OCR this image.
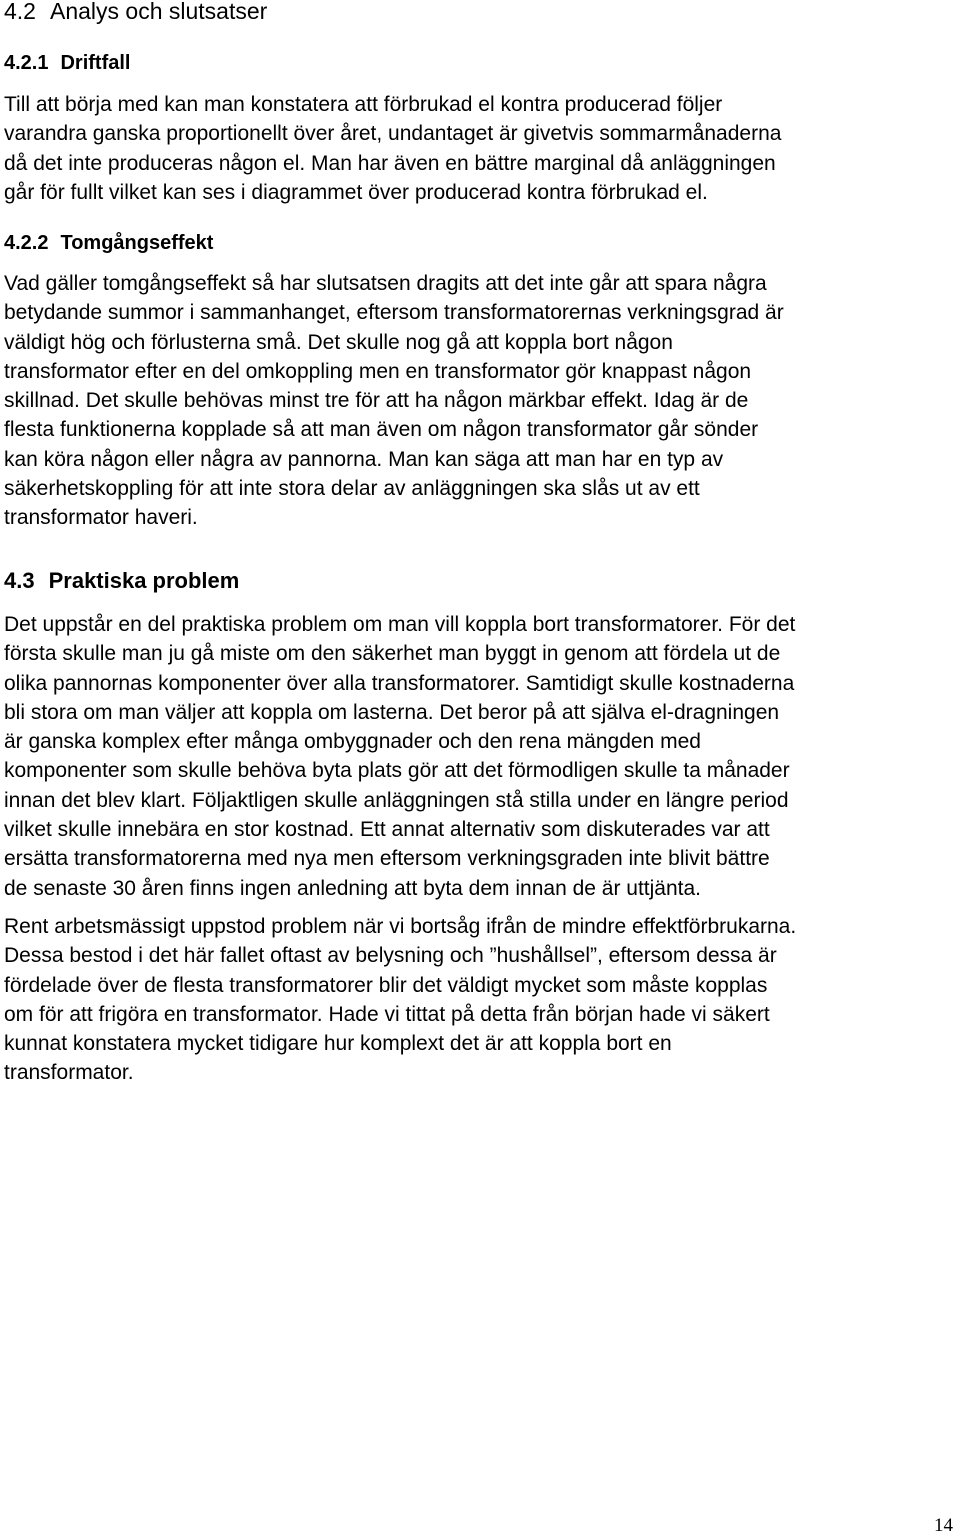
4.2 Analys och slutsatser
4.2.1 Driftfall
Till att börja med kan man konstatera att förbrukad el kontra producerad följer
varandra ganska proportionellt över året, undantaget är givetvis sommarmånaderna
då det inte produceras någon el. Man har även en bättre marginal då anläggningen
går för fullt vilket kan ses i diagrammet över producerad kontra förbrukad el.
4.2.2 Tomgångseffekt
Vad gäller tomgångseffekt så har slutsatsen dragits att det inte går att spara några
betydande summor i sammanhanget, eftersom transformatorernas verkningsgrad är
väldigt hög och förlusterna små. Det skulle nog gå att koppla bort någon
transformator efter en del omkoppling men en transformator gör knappast någon
skillnad. Det skulle behövas minst tre för att ha någon märkbar effekt. Idag är de
flesta funktionerna kopplade så att man även om någon transformator går sönder
kan köra någon eller några av pannorna. Man kan säga att man har en typ av
säkerhetskoppling för att inte stora delar av anläggningen ska slås ut av ett
transformator haveri.
4.3 Praktiska problem
Det uppstår en del praktiska problem om man vill koppla bort transformatorer. För det
första skulle man ju gå miste om den säkerhet man byggt in genom att fördela ut de
olika pannornas komponenter över alla transformatorer. Samtidigt skulle kostnaderna
bli stora om man väljer att koppla om lasterna. Det beror på att själva el-dragningen
är ganska komplex efter många ombyggnader och den rena mängden med
komponenter som skulle behöva byta plats gör att det förmodligen skulle ta månader
innan det blev klart. Följaktligen skulle anläggningen stå stilla under en längre period
vilket skulle innebära en stor kostnad. Ett annat alternativ som diskuterades var att
ersätta transformatorerna med nya men eftersom verkningsgraden inte blivit bättre
de senaste 30 åren finns ingen anledning att byta dem innan de är uttjänta.
Rent arbetsmässigt uppstod problem när vi bortsåg ifrån de mindre effektförbrukarna.
Dessa bestod i det här fallet oftast av belysning och ”hushållsel”, eftersom dessa är
fördelade över de flesta transformatorer blir det väldigt mycket som måste kopplas
om för att frigöra en transformator. Hade vi tittat på detta från början hade vi säkert
kunnat konstatera mycket tidigare hur komplext det är att koppla bort en
transformator.
14
